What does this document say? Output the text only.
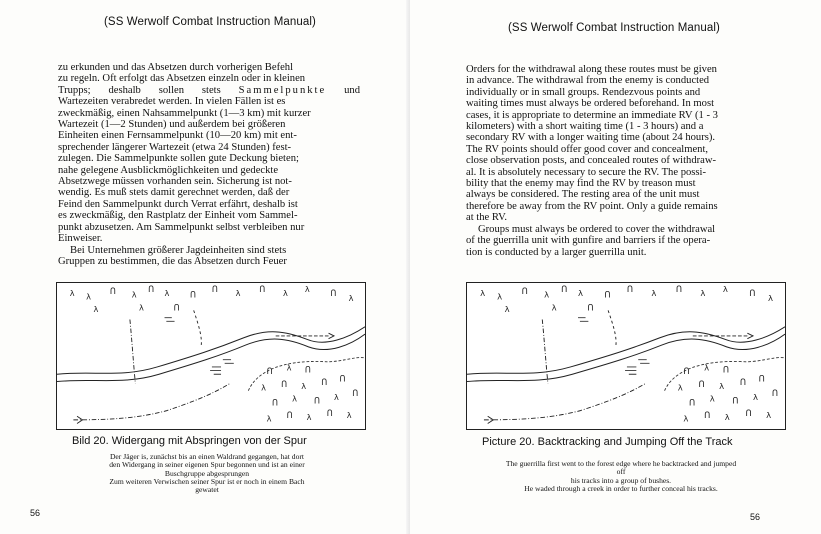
(SS Werwolf Combat Instruction Manual)

zu erkunden und das Absetzen durch vorherigen Befehl

zu regeln. Oft erfolgt das Absetzen einzeln oder in kleinen

Trupps; deshalb sollen stets Sammelpunkte und

Wartezeiten verabredet werden. In vielen Fällen ist es

zweckmäßig, einen Nahsammelpunkt (1—3 km) mit kurzer

Wartezeit (1—2 Stunden) und außerdem bei größeren

Einheiten einen Fernsammelpunkt (10—20 km) mit ent-

sprechender längerer Wartezeit (etwa 24 Stunden) fest-

zulegen. Die Sammelpunkte sollen gute Deckung bieten;

nahe gelegene Ausblickmöglichkeiten und gedeckte

Absetzwege müssen vorhanden sein. Sicherung ist not-

wendig. Es muß stets damit gerechnet werden, daß der

Feind den Sammelpunkt durch Verrat erfährt, deshalb ist

es zweckmäßig, den Rastplatz der Einheit vom Sammel-

punkt abzusetzen. Am Sammelpunkt selbst verbleiben nur

Einweiser.

Bei Unternehmen größerer Jagdeinheiten sind stets

Gruppen zu bestimmen, die das Absetzen durch Feuer

Bild 20. Widergang mit Abspringen von der Spur
Der Jäger is, zunächst bis an einen Waldrand gegangen, hat dort
den Widergang in seiner eigenen Spur begonnen und ist an einer
Buschgruppe abgesprungen
Zum weiteren Verwischen seiner Spur ist er noch in einem Bach
gewatet
56
(SS Werwolf Combat Instruction Manual)

Orders for the withdrawal along these routes must be given

in advance. The withdrawal from the enemy is conducted

individually or in small groups. Rendezvous points and

waiting times must always be ordered beforehand. In most

cases, it is appropriate to determine an immediate RV (1 - 3

kilometers) with a short waiting time (1 - 3 hours) and a

secondary RV with a longer waiting time (about 24 hours).

The RV points should offer good cover and concealment,

close observation posts, and concealed routes of withdraw-

al. It is absolutely necessary to secure the RV. The possi-

bility that the enemy may find the RV by treason must

always be considered. The resting area of the unit must

therefore be away from the RV point. Only a guide remains

at the RV.

Groups must always be ordered to cover the withdrawal

of the guerrilla unit with gunfire and barriers if the opera-

tion is conducted by a larger guerrilla unit.

Picture 20. Backtracking and Jumping Off the Track
The guerrilla first went to the forest edge where he backtracked and jumped
off
his tracks into a group of bushes.
He waded through a creek in order to further conceal his tracks.
56
